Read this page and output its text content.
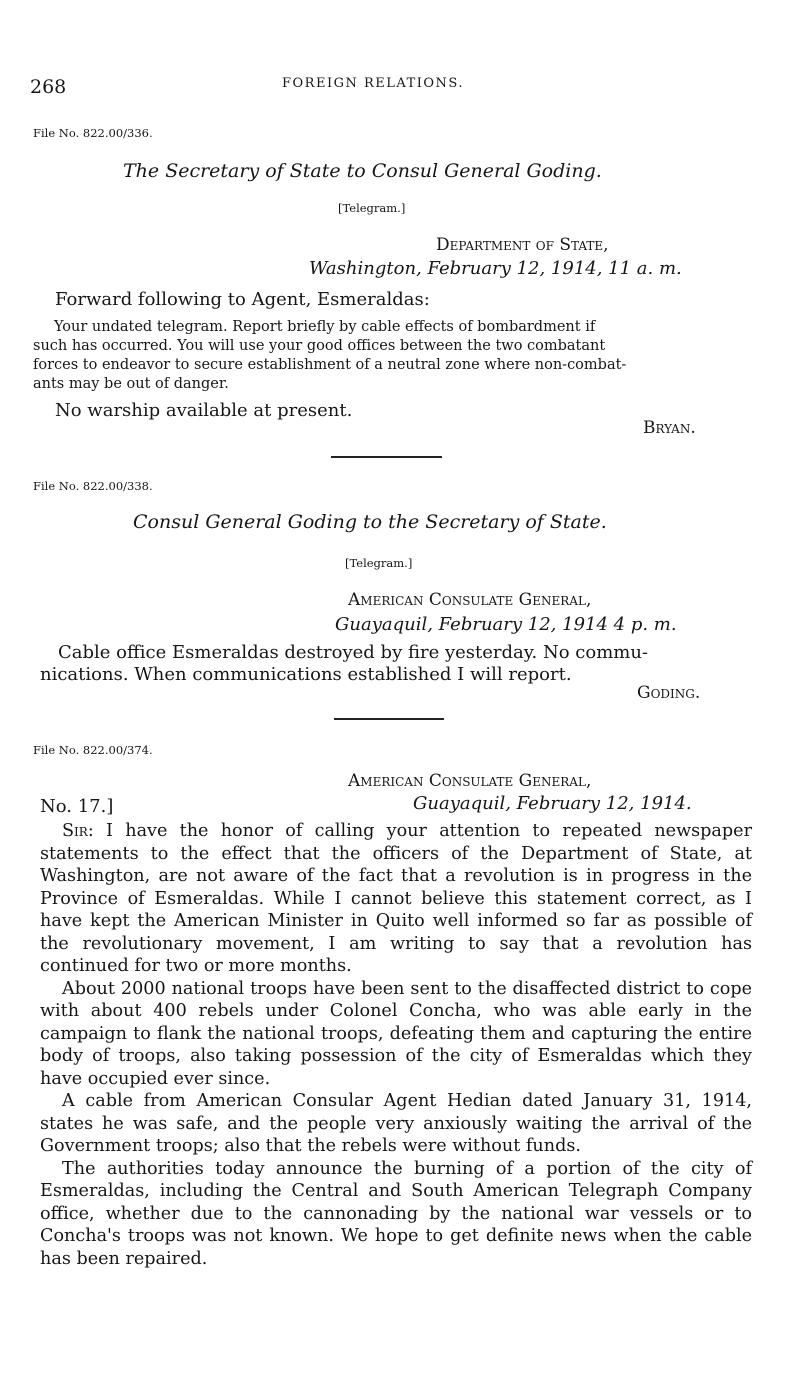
268	FOREIGN RELATIONS.
File No. 822.00/336.
The Secretary of State to Consul General Goding.
[Telegram.]
Department of State,
Washington, February 12, 1914, 11 a. m.
Forward following to Agent, Esmeraldas:
Your undated telegram. Report briefly by cable effects of bombardment if
such has occurred. You will use your good offices between the two combatant
forces to endeavor to secure establishment of a neutral zone where non-combat-
ants may be out of danger.
No warship available at present.
Bryan.
File No. 822.00/338.
Consul General Goding to the Secretary of State.
[Telegram.]
American Consulate General,
Guayaquil, February 12, 1914 4 p. m.
Cable office Esmeraldas destroyed by fire yesterday. No commu-
nications. When communications established I will report.
Goding.
File No. 822.00/374.
American Consulate General,
No. 17.]	Guayaquil, February 12, 1914.

Sir: I have the honor of calling your attention to repeated newspaper statements to the effect that the officers of the Department of State, at Washington, are not aware of the fact that a revolution is in progress in the Province of Esmeraldas. While I cannot believe this statement correct, as I have kept the American Minister in Quito well informed so far as possible of the revolutionary movement, I am writing to say that a revolution has continued for two or more months.

About 2000 national troops have been sent to the disaffected district to cope with about 400 rebels under Colonel Concha, who was able early in the campaign to flank the national troops, defeating them and capturing the entire body of troops, also taking possession of the city of Esmeraldas which they have occupied ever since.

A cable from American Consular Agent Hedian dated January 31, 1914, states he was safe, and the people very anxiously waiting the arrival of the Government troops; also that the rebels were without funds.

The authorities today announce the burning of a portion of the city of Esmeraldas, including the Central and South American Telegraph Company office, whether due to the cannonading by the national war vessels or to Concha's troops was not known. We hope to get definite news when the cable has been repaired.
